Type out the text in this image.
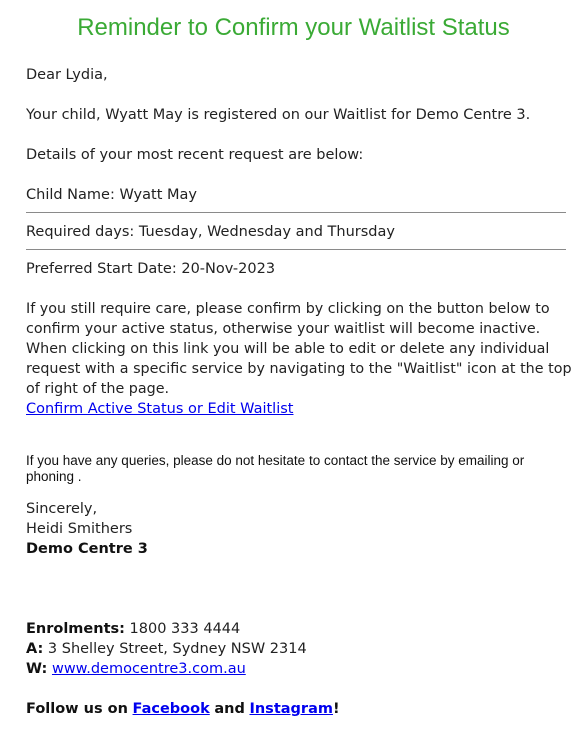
Reminder to Confirm your Waitlist Status
Dear Lydia,
Your child, Wyatt May is registered on our Waitlist for Demo Centre 3.
Details of your most recent request are below:
Child Name: Wyatt May
Required days: Tuesday, Wednesday and Thursday
Preferred Start Date: 20-Nov-2023
If you still require care, please confirm by clicking on the button below to confirm your active status, otherwise your waitlist will become inactive. When clicking on this link you will be able to edit or delete any individual request with a specific service by navigating to the "Waitlist" icon at the top of right of the page.
Confirm Active Status or Edit Waitlist
If you have any queries, please do not hesitate to contact the service by emailing or phoning .
Sincerely,
Heidi Smithers
Demo Centre 3
Enrolments: 1800 333 4444
A: 3 Shelley Street, Sydney NSW 2314
W: www.democentre3.com.au
Follow us on Facebook and Instagram!
